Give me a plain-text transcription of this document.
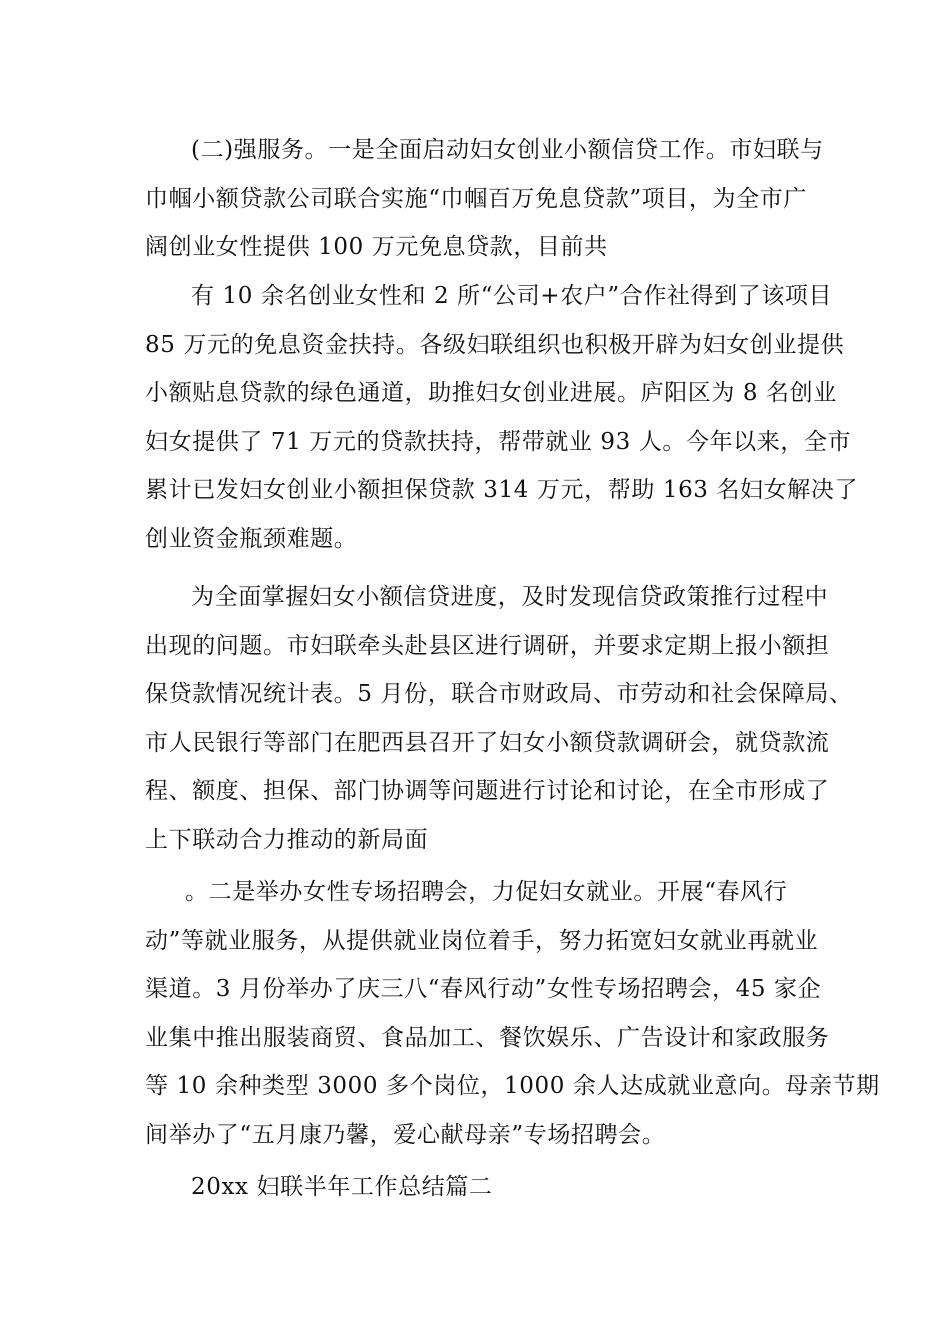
(二)强服务。一是全面启动妇女创业小额信贷工作。市妇联与
巾帼小额贷款公司联合实施“巾帼百万免息贷款”项目，为全市广
阔创业女性提供 100 万元免息贷款，目前共

有 10 余名创业女性和 2 所“公司+农户”合作社得到了该项目
85 万元的免息资金扶持。各级妇联组织也积极开辟为妇女创业提供
小额贴息贷款的绿色通道，助推妇女创业进展。庐阳区为 8 名创业
妇女提供了 71 万元的贷款扶持，帮带就业 93 人。今年以来，全市
累计已发妇女创业小额担保贷款 314 万元，帮助 163 名妇女解决了
创业资金瓶颈难题。

为全面掌握妇女小额信贷进度，及时发现信贷政策推行过程中
出现的问题。市妇联牵头赴县区进行调研，并要求定期上报小额担
保贷款情况统计表。5 月份，联合市财政局、市劳动和社会保障局、
市人民银行等部门在肥西县召开了妇女小额贷款调研会，就贷款流
程、额度、担保、部门协调等问题进行讨论和讨论，在全市形成了
上下联动合力推动的新局面

。二是举办女性专场招聘会，力促妇女就业。开展“春风行
动”等就业服务，从提供就业岗位着手，努力拓宽妇女就业再就业
渠道。3 月份举办了庆三八“春风行动”女性专场招聘会，45 家企
业集中推出服装商贸、食品加工、餐饮娱乐、广告设计和家政服务
等 10 余种类型 3000 多个岗位，1000 余人达成就业意向。母亲节期
间举办了“五月康乃馨，爱心献母亲”专场招聘会。

20xx 妇联半年工作总结篇二
